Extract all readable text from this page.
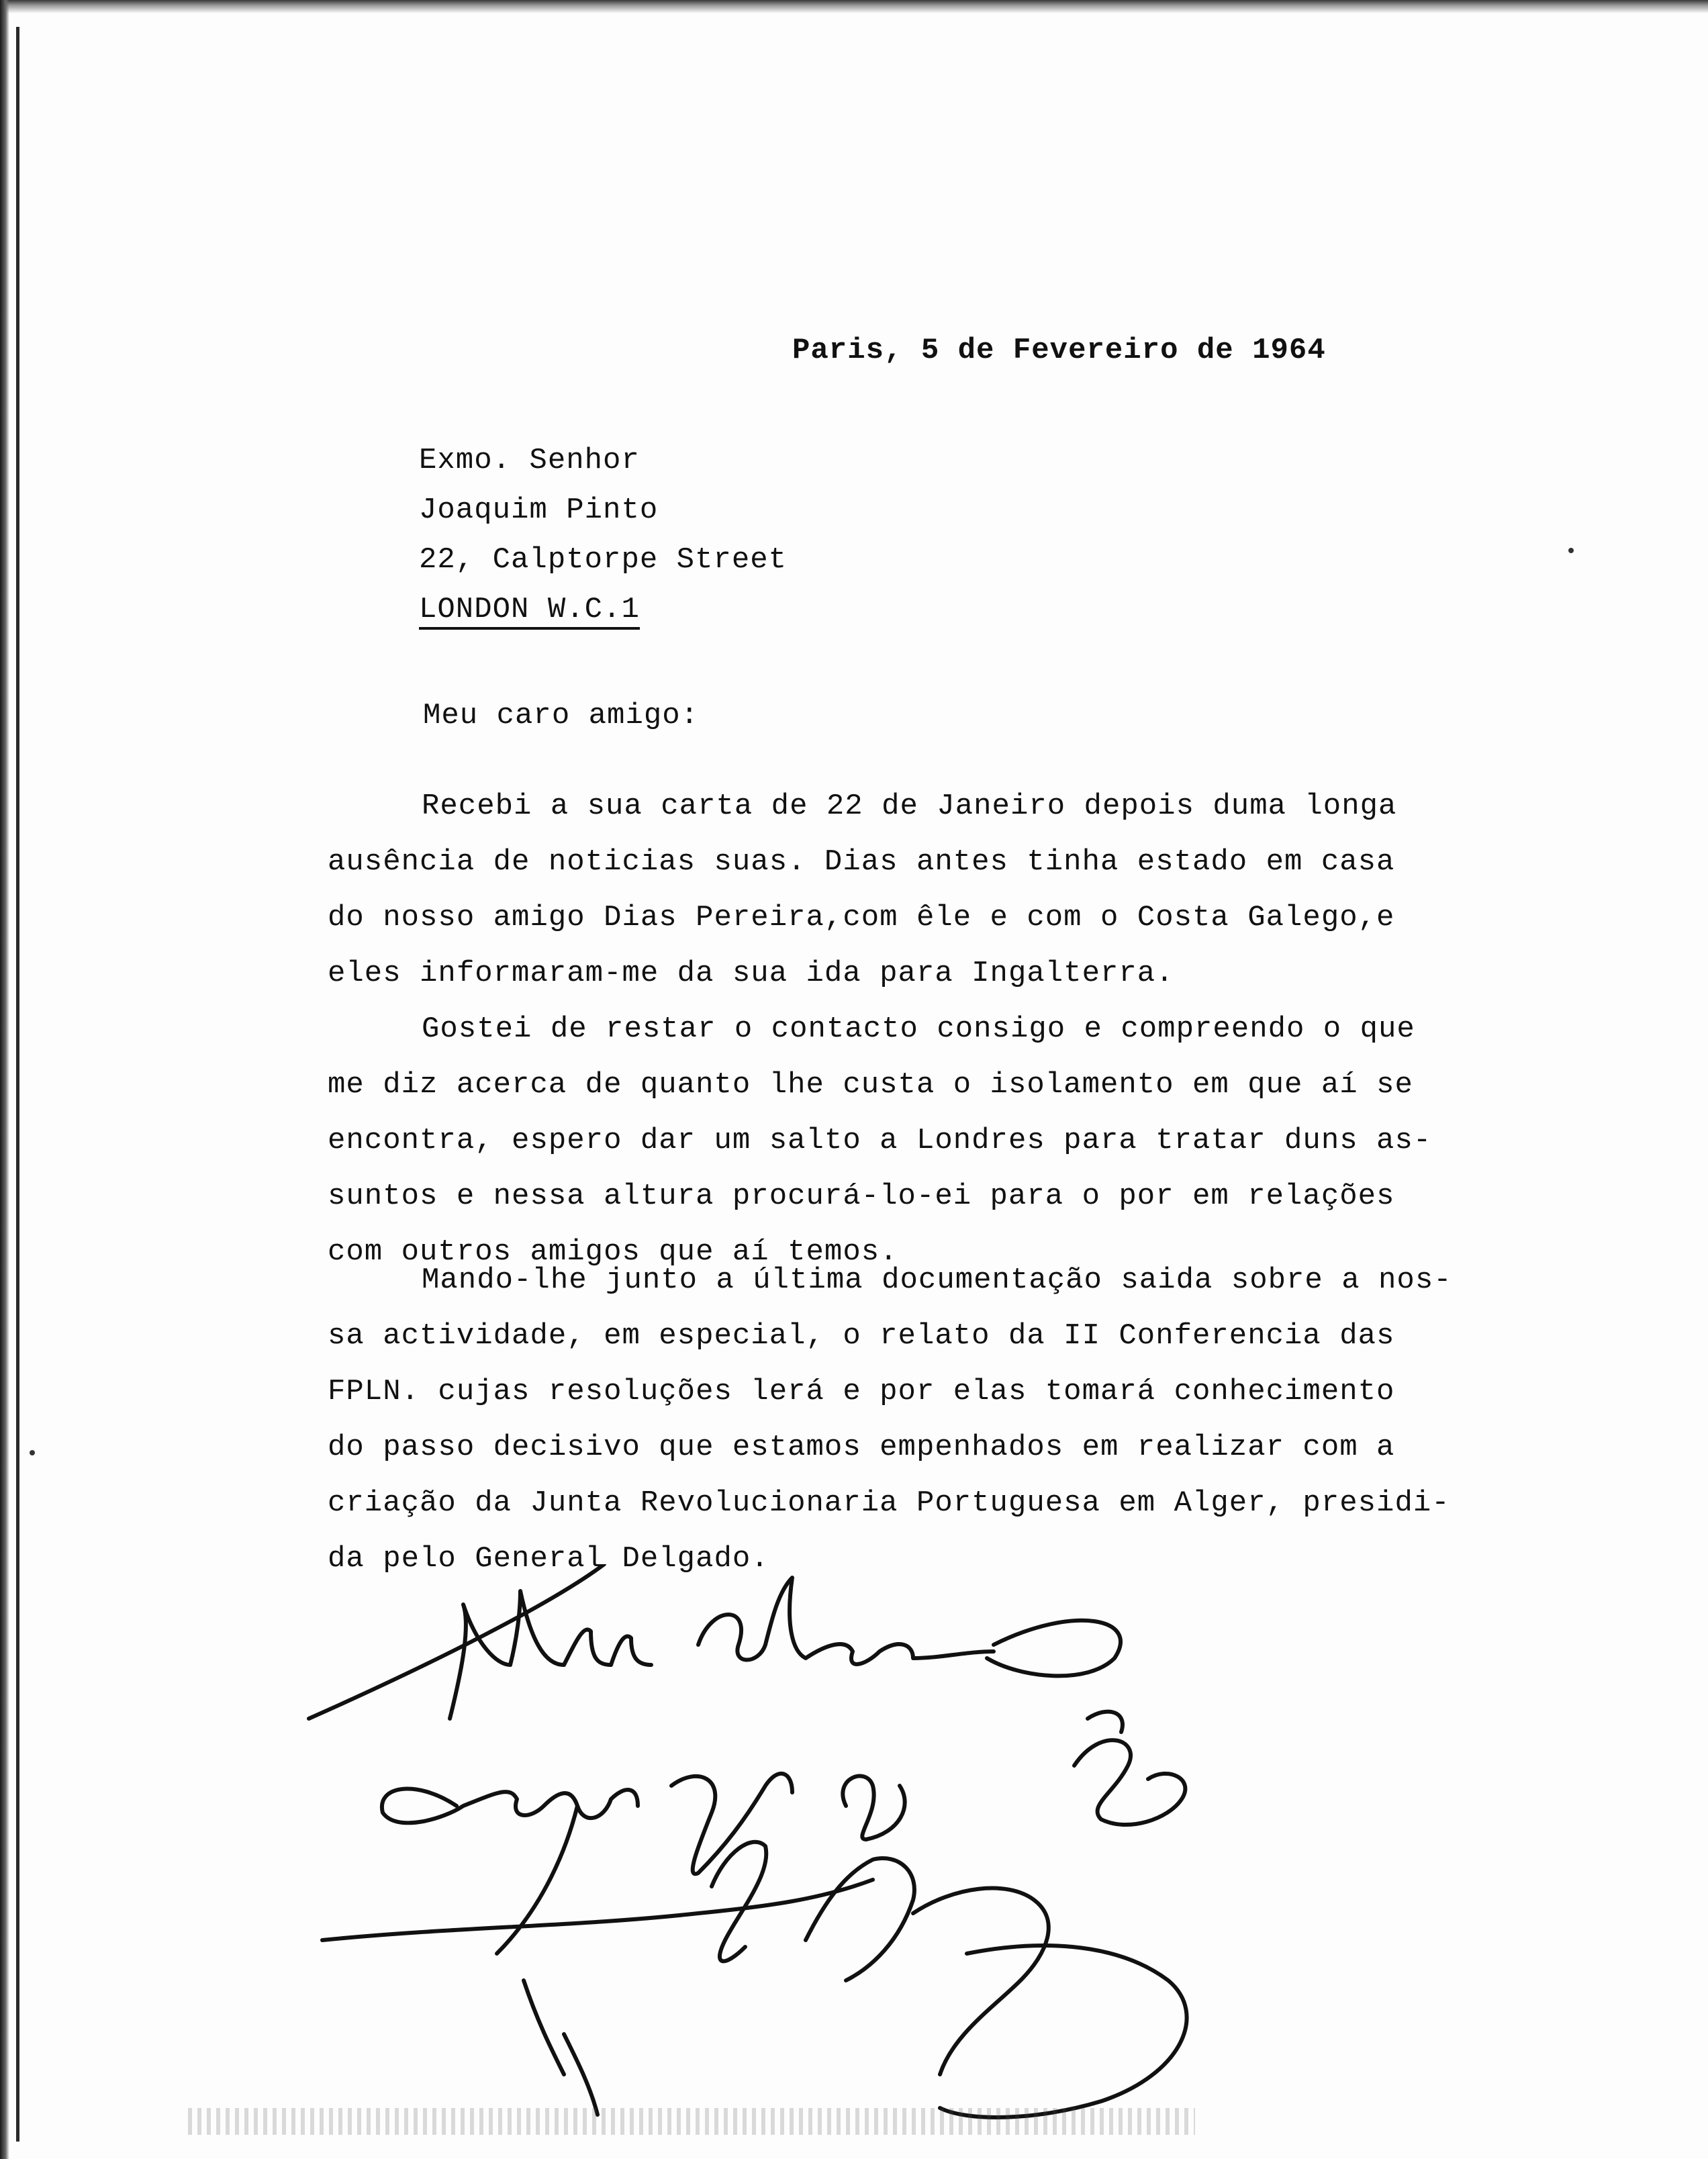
Paris, 5 de Fevereiro de 1964
Exmo. Senhor
Joaquim Pinto
22, Calptorpe Street
LONDON W.C.1
Meu caro amigo:
Recebi a sua carta de 22 de Janeiro depois duma longa
ausência de noticias suas. Dias antes tinha estado em casa
do nosso amigo Dias Pereira,com êle e com o Costa Galego,e
eles informaram-me da sua ida para Ingalterra.
Gostei de restar o contacto consigo e compreendo o que
me diz acerca de quanto lhe custa o isolamento em que aí se
encontra, espero dar um salto a Londres para tratar duns as-
suntos e nessa altura procurá-lo-ei para o por em relações
com outros amigos que aí temos.
Mando-lhe junto a última documentação saida sobre a nos-
sa actividade, em especial, o relato da II Conferencia das
FPLN. cujas resoluções lerá e por elas tomará conhecimento
do passo decisivo que estamos empenhados em realizar com a
criação da Junta Revolucionaria Portuguesa em Alger, presidi-
da pelo General Delgado.
